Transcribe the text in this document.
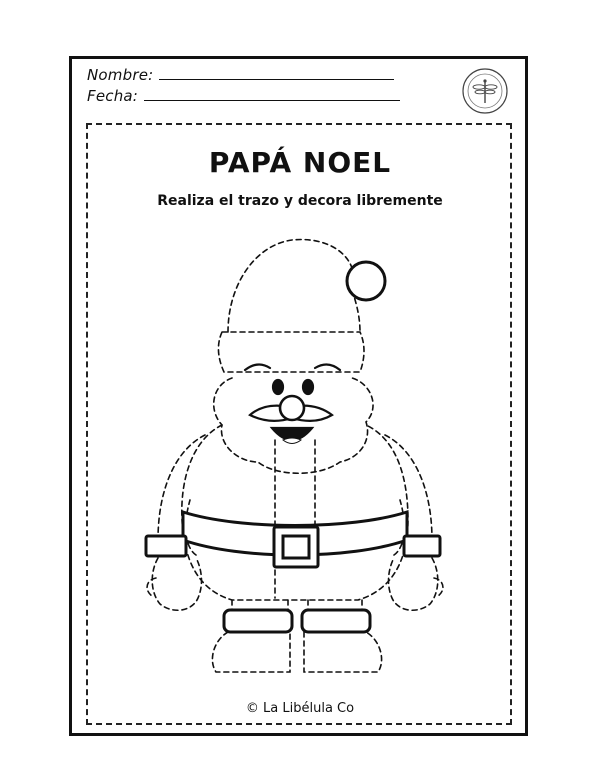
Nombre:
Fecha:
PAPÁ NOEL
Realiza el trazo y decora libremente
© La Libélula Co
